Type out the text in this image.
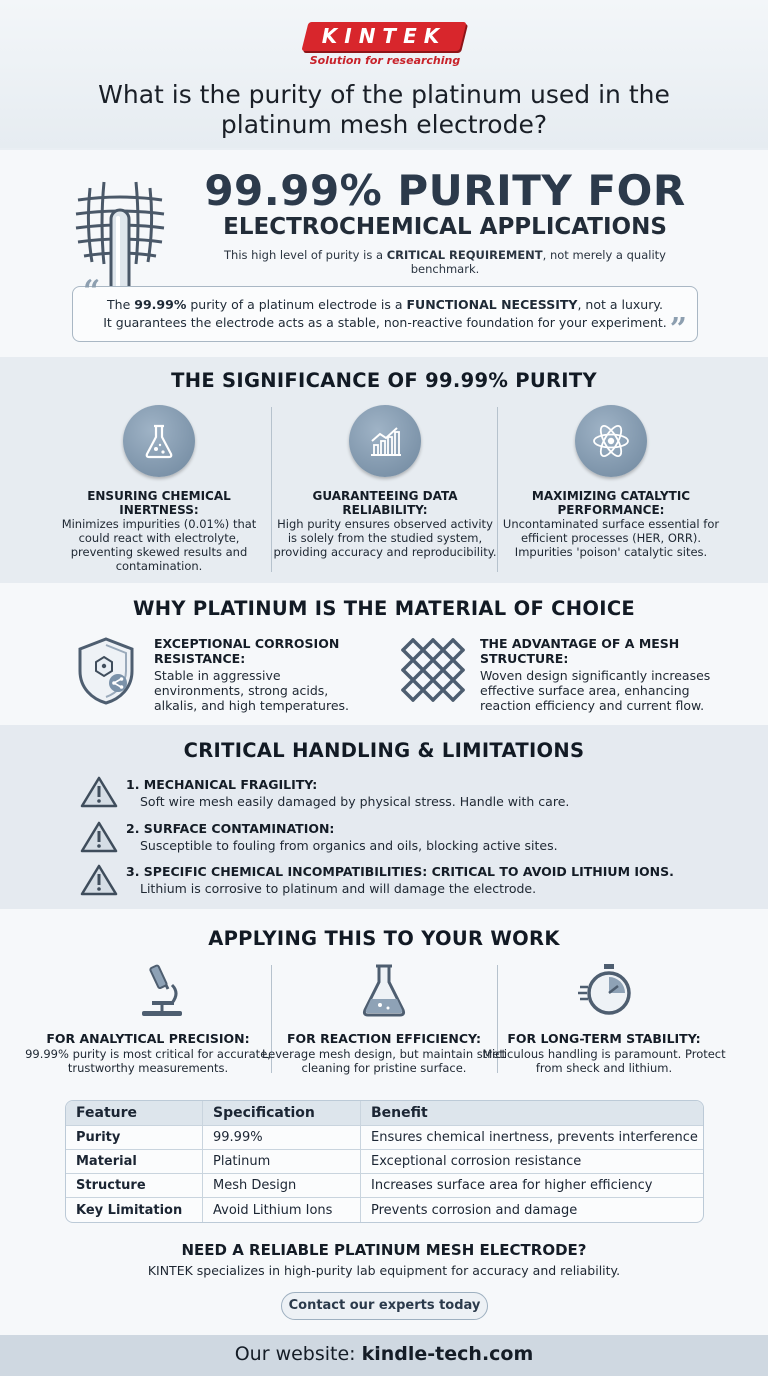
KINTEK
Solution for researching
What is the purity of the platinum used in the platinum mesh electrode?
99.99% PURITY FOR
ELECTROCHEMICAL APPLICATIONS
This high level of purity is a CRITICAL REQUIREMENT, not merely a quality benchmark.
“ The 99.99% purity of a platinum electrode is a FUNCTIONAL NECESSITY, not a luxury.
It guarantees the electrode acts as a stable, non-reactive foundation for your experiment. ”
THE SIGNIFICANCE OF 99.99% PURITY
ENSURING CHEMICAL INERTNESS:
Minimizes impurities (0.01%) that could react with electrolyte, preventing skewed results and contamination.
GUARANTEEING DATA RELIABILITY:
High purity ensures observed activity is solely from the studied system, providing accuracy and reproducibility.
MAXIMIZING CATALYTIC PERFORMANCE:
Uncontaminated surface essential for efficient processes (HER, ORR). Impurities 'poison' catalytic sites.
WHY PLATINUM IS THE MATERIAL OF CHOICE
EXCEPTIONAL CORROSION RESISTANCE:
Stable in aggressive environments, strong acids, alkalis, and high temperatures.
THE ADVANTAGE OF A MESH STRUCTURE:
Woven design significantly increases effective surface area, enhancing reaction efficiency and current flow.
CRITICAL HANDLING & LIMITATIONS
1. MECHANICAL FRAGILITY:
Soft wire mesh easily damaged by physical stress. Handle with care.
2. SURFACE CONTAMINATION:
Susceptible to fouling from organics and oils, blocking active sites.
3. SPECIFIC CHEMICAL INCOMPATIBILITIES: CRITICAL TO AVOID LITHIUM IONS.
Lithium is corrosive to platinum and will damage the electrode.
APPLYING THIS TO YOUR WORK
FOR ANALYTICAL PRECISION:
99.99% purity is most critical for accurate, trustworthy measurements.
FOR REACTION EFFICIENCY:
Leverage mesh design, but maintain strict cleaning for pristine surface.
FOR LONG-TERM STABILITY:
Meticulous handling is paramount. Protect from sheck and lithium.
Feature	Specification	Benefit
Purity	99.99%	Ensures chemical inertness, prevents interference
Material	Platinum	Exceptional corrosion resistance
Structure	Mesh Design	Increases surface area for higher efficiency
Key Limitation	Avoid Lithium Ions	Prevents corrosion and damage
NEED A RELIABLE PLATINUM MESH ELECTRODE?
KINTEK specializes in high-purity lab equipment for accuracy and reliability.
Contact our experts today
Our website: kindle-tech.com
